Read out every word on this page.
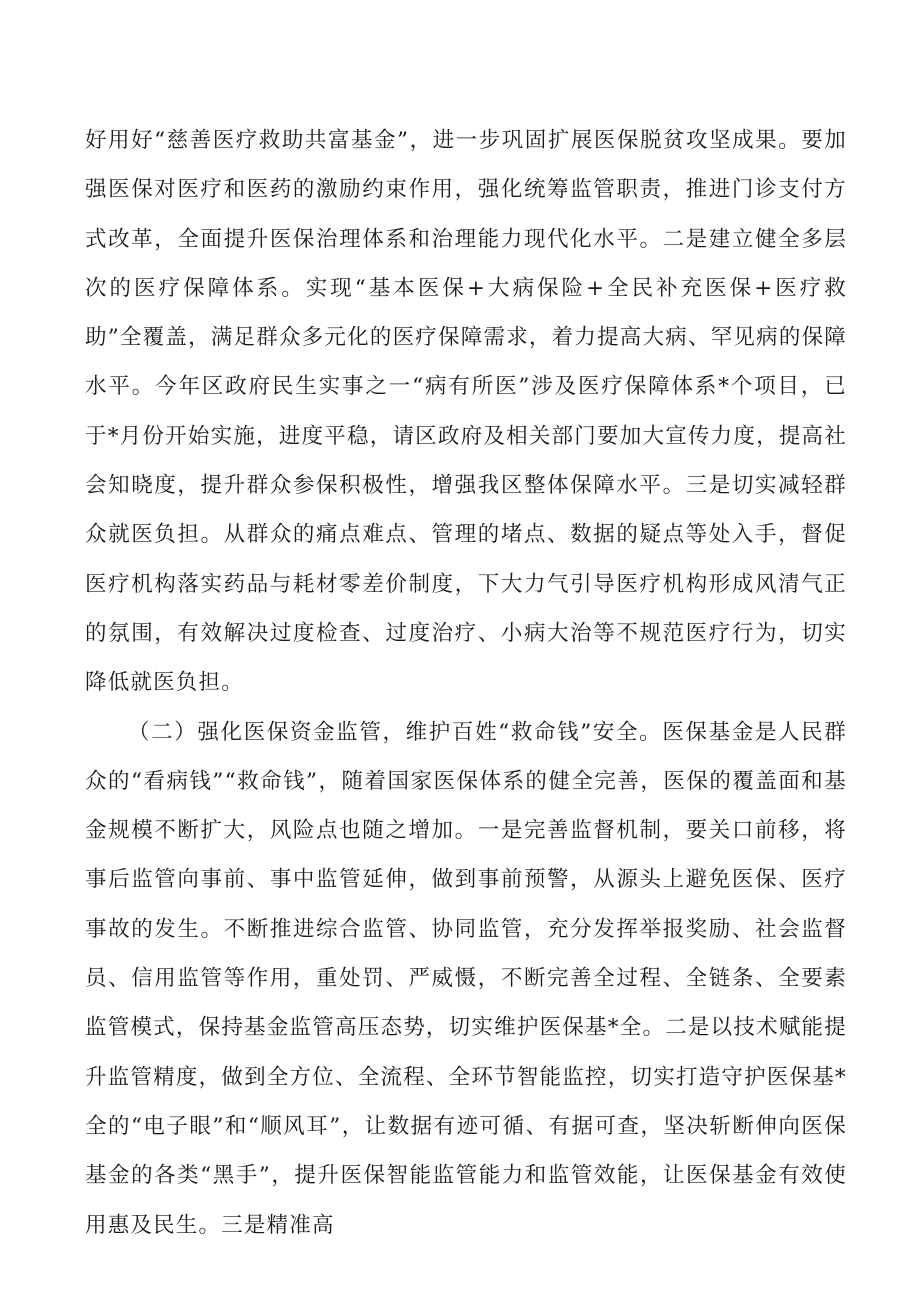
好用好“慈善医疗救助共富基金”，进一步巩固扩展医保脱贫攻坚成果。要加强医保对医疗和医药的激励约束作用，强化统筹监管职责，推进门诊支付方式改革，全面提升医保治理体系和治理能力现代化水平。二是建立健全多层次的医疗保障体系。实现“基本医保+大病保险+全民补充医保+医疗救助”全覆盖，满足群众多元化的医疗保障需求，着力提高大病、罕见病的保障水平。今年区政府民生实事之一“病有所医”涉及医疗保障体系*个项目，已于*月份开始实施，进度平稳，请区政府及相关部门要加大宣传力度，提高社会知晓度，提升群众参保积极性，增强我区整体保障水平。三是切实减轻群众就医负担。从群众的痛点难点、管理的堵点、数据的疑点等处入手，督促医疗机构落实药品与耗材零差价制度，下大力气引导医疗机构形成风清气正的氛围，有效解决过度检查、过度治疗、小病大治等不规范医疗行为，切实降低就医负担。

（二）强化医保资金监管，维护百姓“救命钱”安全。医保基金是人民群众的“看病钱”“救命钱”，随着国家医保体系的健全完善，医保的覆盖面和基金规模不断扩大，风险点也随之增加。一是完善监督机制，要关口前移，将事后监管向事前、事中监管延伸，做到事前预警，从源头上避免医保、医疗事故的发生。不断推进综合监管、协同监管，充分发挥举报奖励、社会监督员、信用监管等作用，重处罚、严威慑，不断完善全过程、全链条、全要素监管模式，保持基金监管高压态势，切实维护医保基*全。二是以技术赋能提升监管精度，做到全方位、全流程、全环节智能监控，切实打造守护医保基*全的“电子眼”和“顺风耳”，让数据有迹可循、有据可查，坚决斩断伸向医保基金的各类“黑手”，提升医保智能监管能力和监管效能，让医保基金有效使用惠及民生。三是精准高
